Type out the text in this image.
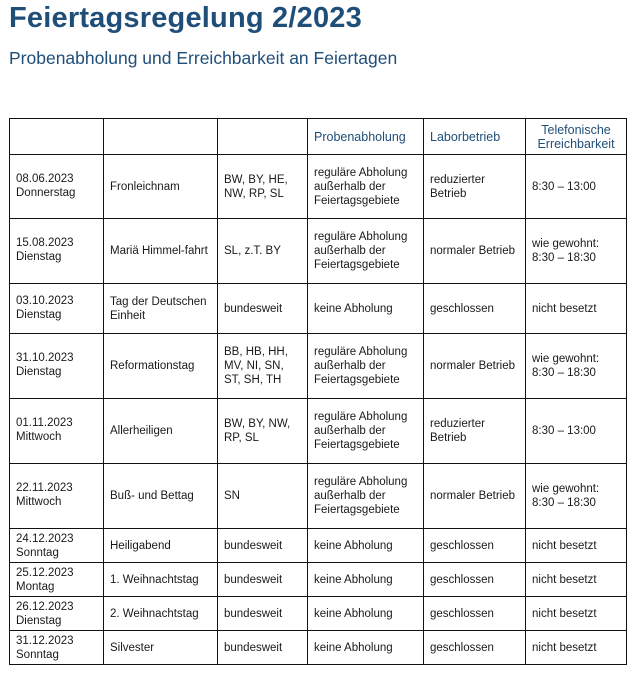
Feiertagsregelung 2/2023
Probenabholung und Erreichbarkeit an Feiertagen
			Probenabholung	Laborbetrieb	Telefonische Erreichbarkeit

08.06.2023
Donnerstag	Fronleichnam	BW, BY, HE, NW, RP, SL	reguläre Abholung außerhalb der Feiertagsgebiete	reduzierter Betrieb	8:30 – 13:00

15.08.2023
Dienstag	Mariä Himmel-fahrt	SL, z.T. BY	reguläre Abholung außerhalb der Feiertagsgebiete	normaler Betrieb	wie gewohnt: 8:30 – 18:30

03.10.2023
Dienstag	Tag der Deutschen Einheit	bundesweit	keine Abholung	geschlossen	nicht besetzt

31.10.2023
Dienstag	Reformationstag	BB, HB, HH, MV, NI, SN, ST, SH, TH	reguläre Abholung außerhalb der Feiertagsgebiete	normaler Betrieb	wie gewohnt: 8:30 – 18:30

01.11.2023
Mittwoch	Allerheiligen	BW, BY, NW, RP, SL	reguläre Abholung außerhalb der Feiertagsgebiete	reduzierter Betrieb	8:30 – 13:00

22.11.2023
Mittwoch	Buß- und Bettag	SN	reguläre Abholung außerhalb der Feiertagsgebiete	normaler Betrieb	wie gewohnt: 8:30 – 18:30

24.12.2023
Sonntag	Heiligabend	bundesweit	keine Abholung	geschlossen	nicht besetzt

25.12.2023
Montag	1. Weihnachtstag	bundesweit	keine Abholung	geschlossen	nicht besetzt

26.12.2023
Dienstag	2. Weihnachtstag	bundesweit	keine Abholung	geschlossen	nicht besetzt

31.12.2023
Sonntag	Silvester	bundesweit	keine Abholung	geschlossen	nicht besetzt
